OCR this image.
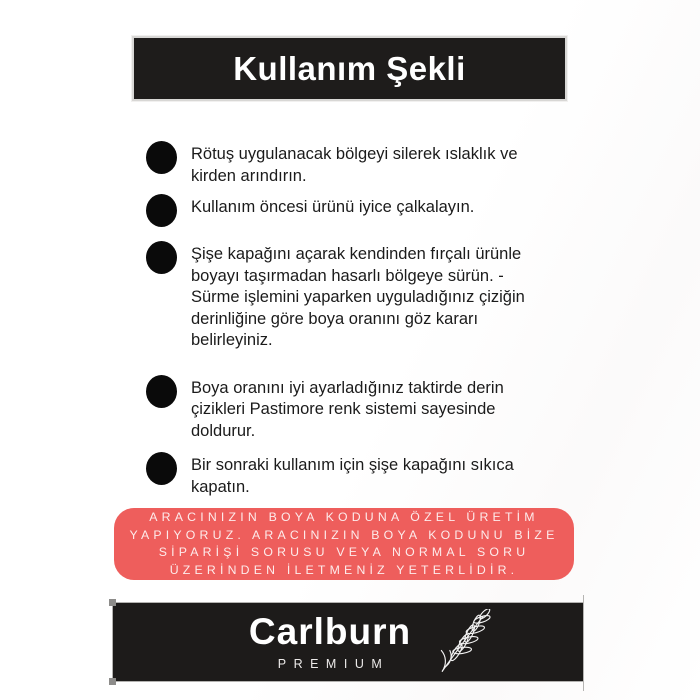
Kullanım Şekli

Rötuş uygulanacak bölgeyi silerek ıslaklık ve kirden arındırın.

Kullanım öncesi ürünü iyice çalkalayın.

Şişe kapağını açarak kendinden fırçalı ürünle boyayı taşırmadan hasarlı bölgeye sürün. - Sürme işlemini yaparken uyguladığınız çiziğin derinliğine göre boya oranını göz kararı belirleyiniz.

Boya oranını iyi ayarladığınız taktirde derin çizikleri Pastimore renk sistemi sayesinde doldurur.

Bir sonraki kullanım için şişe kapağını sıkıca kapatın.

ARACINIZIN BOYA KODUNA ÖZEL ÜRETİM
YAPIYORUZ. ARACINIZIN BOYA KODUNU BİZE
SİPARİŞİ SORUSU VEYA NORMAL SORU
ÜZERİNDEN İLETMENİZ YETERLİDİR.
Carlburn
PREMIUM
